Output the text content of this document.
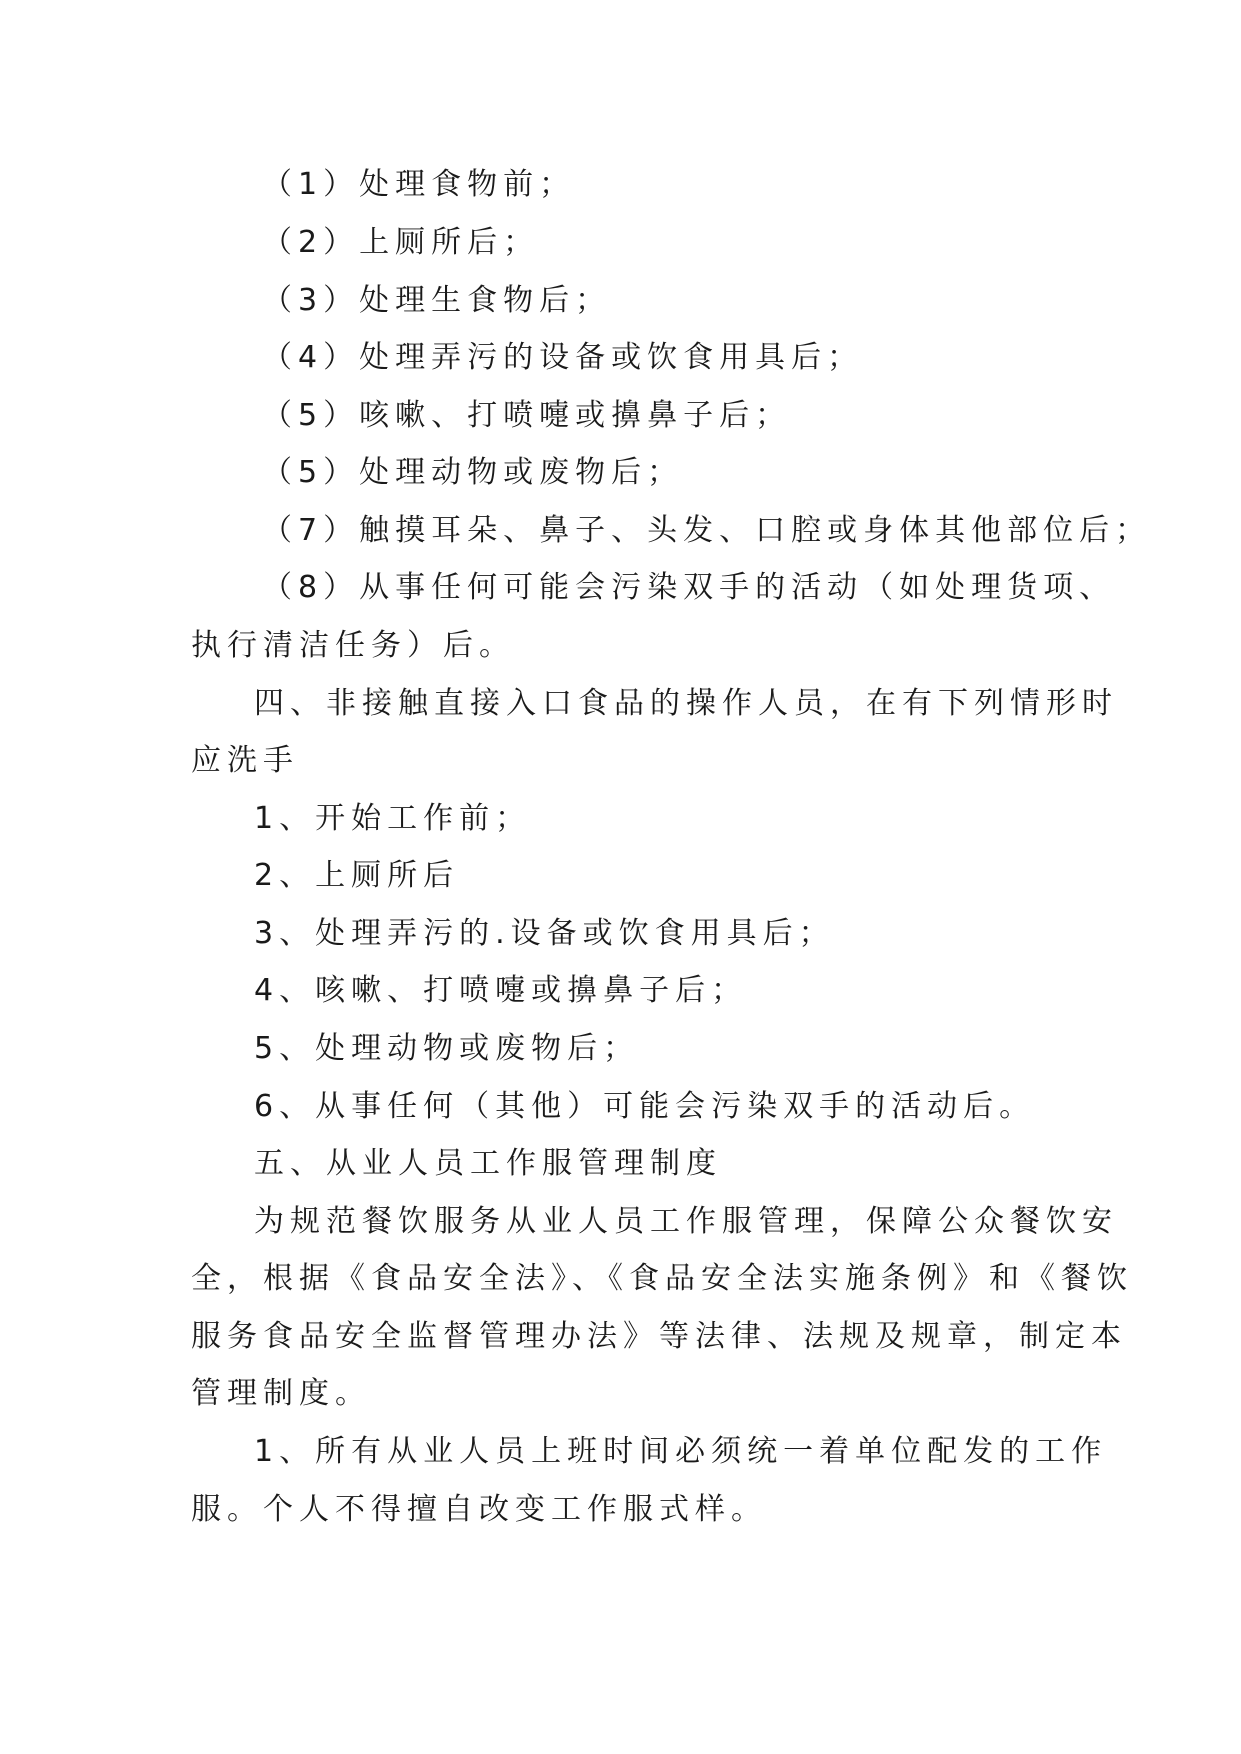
（1）处理食物前；
（2）上厕所后；
（3）处理生食物后；
（4）处理弄污的设备或饮食用具后；
（5）咳嗽、打喷嚏或擤鼻子后；
（5）处理动物或废物后；
（7）触摸耳朵、鼻子、头发、口腔或身体其他部位后；
（8）从事任何可能会污染双手的活动（如处理货项、
执行清洁任务）后。
四、非接触直接入口食品的操作人员，在有下列情形时
应洗手
1、开始工作前；
2、上厕所后
3、处理弄污的.设备或饮食用具后；
4、咳嗽、打喷嚏或擤鼻子后；
5、处理动物或废物后；
6、从事任何（其他）可能会污染双手的活动后。
五、从业人员工作服管理制度
为规范餐饮服务从业人员工作服管理，保障公众餐饮安
全，根据《食品安全法》、《食品安全法实施条例》和《餐饮
服务食品安全监督管理办法》等法律、法规及规章，制定本
管理制度。
1、所有从业人员上班时间必须统一着单位配发的工作
服。个人不得擅自改变工作服式样。
